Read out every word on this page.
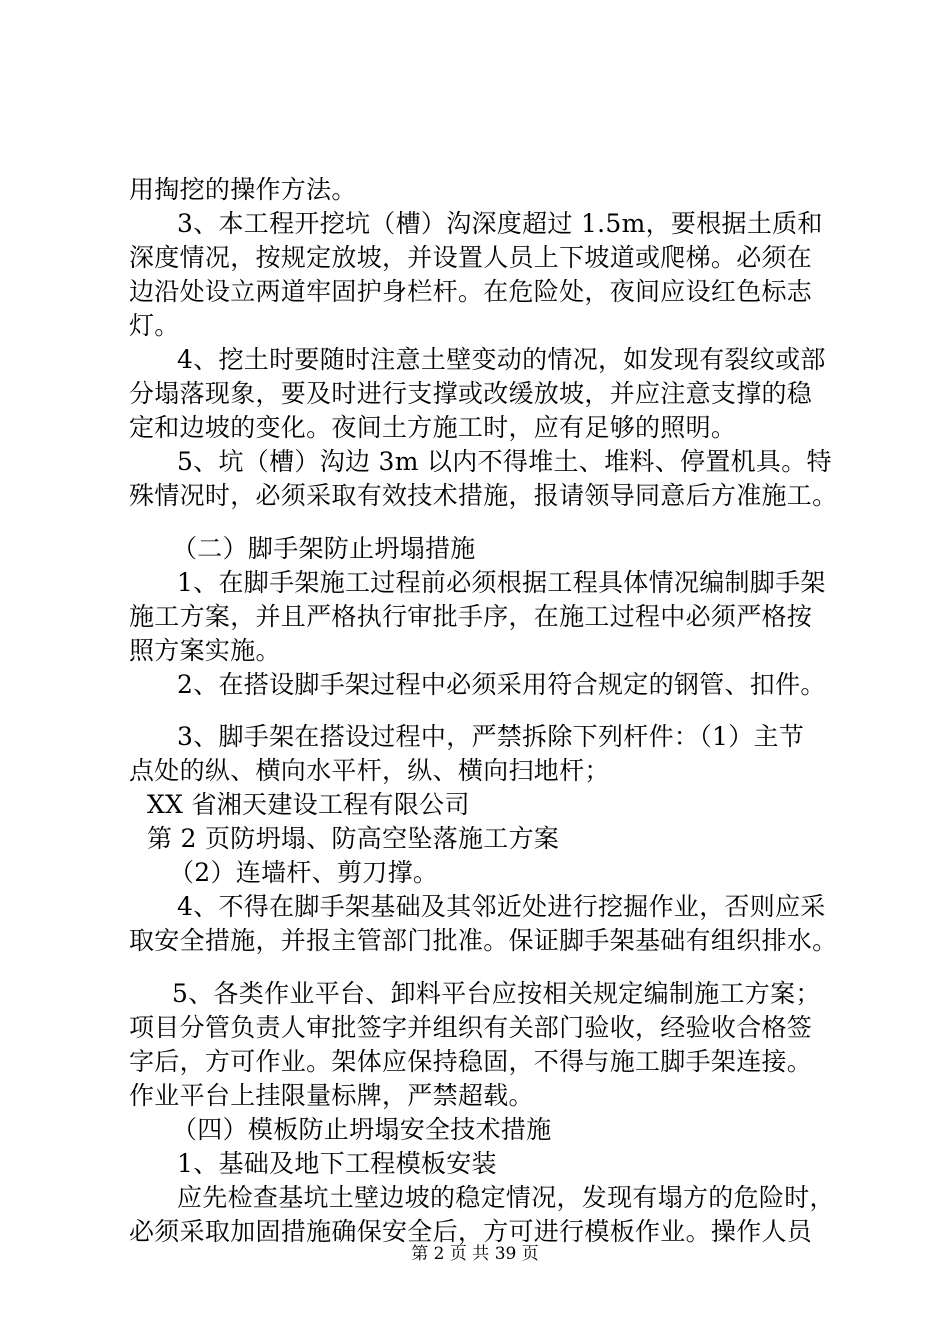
用掏挖的操作方法。
3、本工程开挖坑（槽）沟深度超过 1.5m，要根据土质和
深度情况，按规定放坡，并设置人员上下坡道或爬梯。必须在
边沿处设立两道牢固护身栏杆。在危险处，夜间应设红色标志
灯。
4、挖土时要随时注意土壁变动的情况，如发现有裂纹或部
分塌落现象，要及时进行支撑或改缓放坡，并应注意支撑的稳
定和边坡的变化。夜间土方施工时，应有足够的照明。
5、坑（槽）沟边 3m 以内不得堆土、堆料、停置机具。特
殊情况时，必须采取有效技术措施，报请领导同意后方准施工。
（二）脚手架防止坍塌措施
1、在脚手架施工过程前必须根据工程具体情况编制脚手架
施工方案，并且严格执行审批手序，在施工过程中必须严格按
照方案实施。
2、在搭设脚手架过程中必须采用符合规定的钢管、扣件。
3、脚手架在搭设过程中，严禁拆除下列杆件：（1）主节
点处的纵、横向水平杆，纵、横向扫地杆；
XX 省湘天建设工程有限公司
第 2 页防坍塌、防高空坠落施工方案
（2）连墙杆、剪刀撑。
4、不得在脚手架基础及其邻近处进行挖掘作业，否则应采
取安全措施，并报主管部门批准。保证脚手架基础有组织排水。
5、各类作业平台、卸料平台应按相关规定编制施工方案；
项目分管负责人审批签字并组织有关部门验收，经验收合格签
字后，方可作业。架体应保持稳固，不得与施工脚手架连接。
作业平台上挂限量标牌，严禁超载。
（四）模板防止坍塌安全技术措施
1、基础及地下工程模板安装
应先检查基坑土壁边坡的稳定情况，发现有塌方的危险时，
必须采取加固措施确保安全后，方可进行模板作业。操作人员
第 2 页 共 39 页
